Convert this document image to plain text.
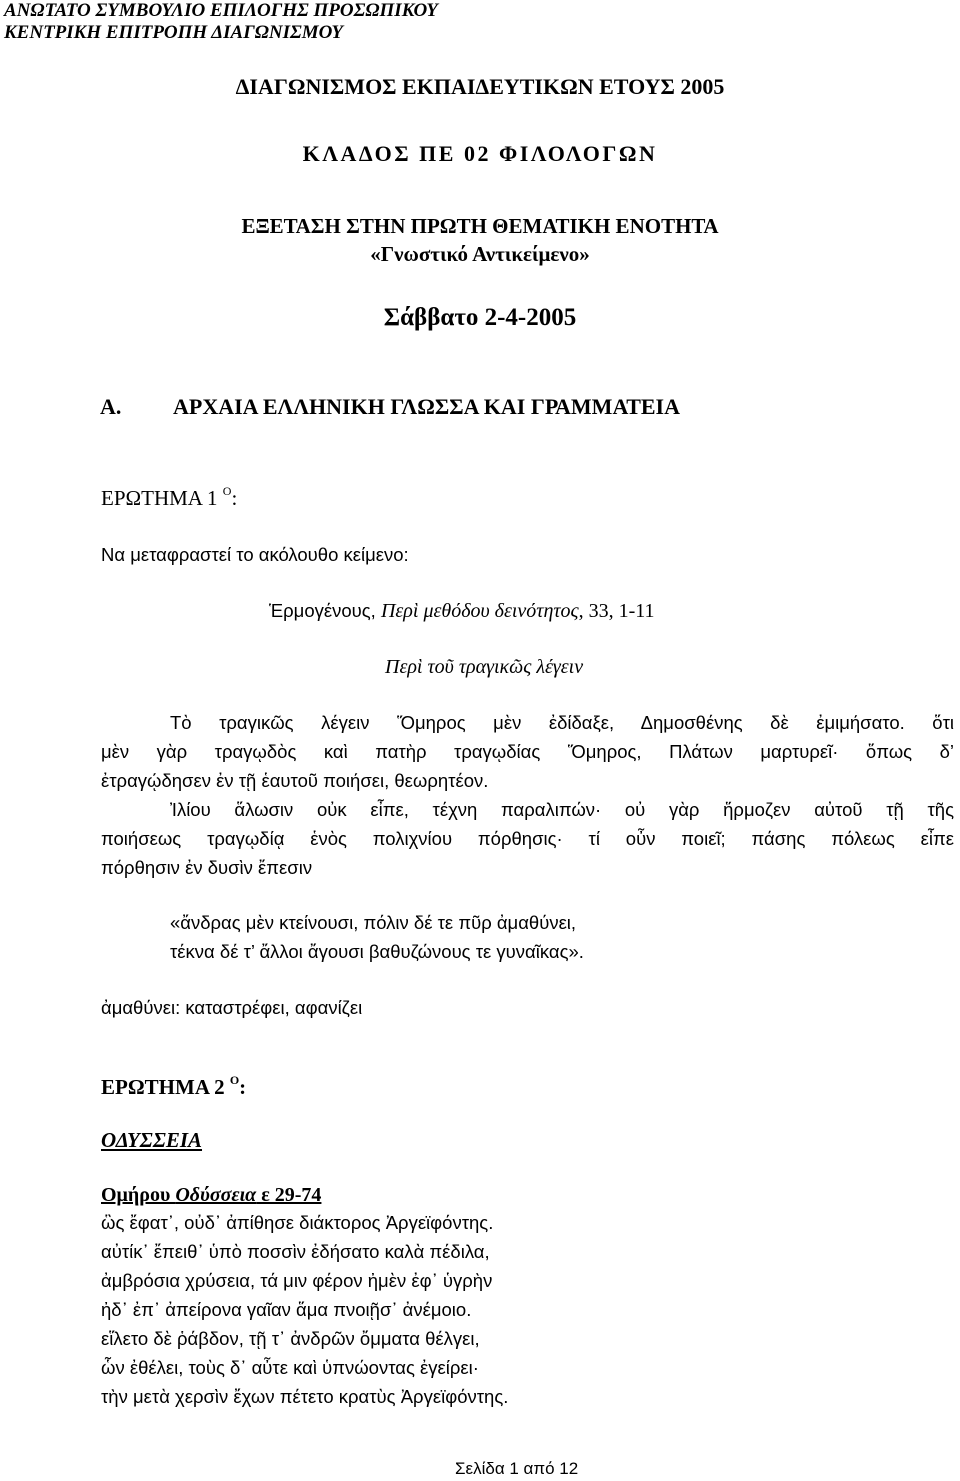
ΑΝΩΤΑΤΟ ΣΥΜΒΟΥΛΙΟ ΕΠΙΛΟΓΗΣ ΠΡΟΣΩΠΙΚΟΥ
ΚΕΝΤΡΙΚΗ ΕΠΙΤΡΟΠΗ ΔΙΑΓΩΝΙΣΜΟΥ
ΔΙΑΓΩΝΙΣΜΟΣ ΕΚΠΑΙΔΕΥΤΙΚΩΝ ΕΤΟΥΣ 2005
ΚΛΑΔΟΣ ΠΕ 02 ΦΙΛΟΛΟΓΩΝ
ΕΞΕΤΑΣΗ ΣΤΗΝ ΠΡΩΤΗ ΘΕΜΑΤΙΚΗ ΕΝΟΤΗΤΑ
«Γνωστικό Αντικείμενο»
Σάββατο 2-4-2005
Α. ΑΡΧΑΙΑ ΕΛΛΗΝΙΚΗ ΓΛΩΣΣΑ ΚΑΙ ΓΡΑΜΜΑΤΕΙΑ
ΕΡΩΤΗΜΑ 1 $^O$:
Να μεταφραστεί το ακόλουθο κείμενο:
Ἑρμογένους, Περὶ μεθόδου δεινότητος, 33, 1-11
Περὶ τοῦ τραγικῶς λέγειν
Τὸ τραγικῶς λέγειν Ὅμηρος μὲν ἐδίδαξε, Δημοσθένης δὲ ἐμιμήσατο. ὅτι
μὲν γὰρ τραγῳδὸς καὶ πατὴρ τραγῳδίας Ὅμηρος, Πλάτων μαρτυρεῖ· ὅπως δ’
ἐτραγῴδησεν ἐν τῇ ἑαυτοῦ ποιήσει, θεωρητέον.
Ἰλίου ἅλωσιν οὐκ εἶπε, τέχνη παραλιπών· οὐ γὰρ ἥρμοζεν αὐτοῦ τῇ τῆς
ποιήσεως τραγῳδίᾳ ἑνὸς πολιχνίου πόρθησις· τί οὖν ποιεῖ; πάσης πόλεως εἶπε
πόρθησιν ἐν δυσὶν ἔπεσιν
«ἄνδρας μὲν κτείνουσι, πόλιν δέ τε πῦρ ἀμαθύνει,
τέκνα δέ τ’ ἄλλοι ἄγουσι βαθυζώνους τε γυναῖκας».
ἀμαθύνει: καταστρέφει, αφανίζει
ΕΡΩΤΗΜΑ 2 $^O$:
ΟΔΥΣΣΕΙΑ
Ομήρου Οδύσσεια ε 29-74
ὣς ἔφατ᾽, οὐδ᾽ ἀπίθησε διάκτορος Ἀργεϊφόντης.
αὐτίκ᾽ ἔπειθ᾽ ὑπὸ ποσσὶν ἐδήσατο καλὰ πέδιλα,
ἀμβρόσια χρύσεια, τά μιν φέρον ἠμὲν ἐφ᾽ ὑγρὴν
ἠδ᾽ ἐπ᾽ ἀπείρονα γαῖαν ἅμα πνοιῇσ᾽ ἀνέμοιο.
εἵλετο δὲ ῥάβδον, τῇ τ᾽ ἀνδρῶν ὄμματα θέλγει,
ὧν ἐθέλει, τοὺς δ᾽ αὖτε καὶ ὑπνώοντας ἐγείρει·
τὴν μετὰ χερσὶν ἔχων πέτετο κρατὺς Ἀργεϊφόντης.
Σελίδα 1 από 12
